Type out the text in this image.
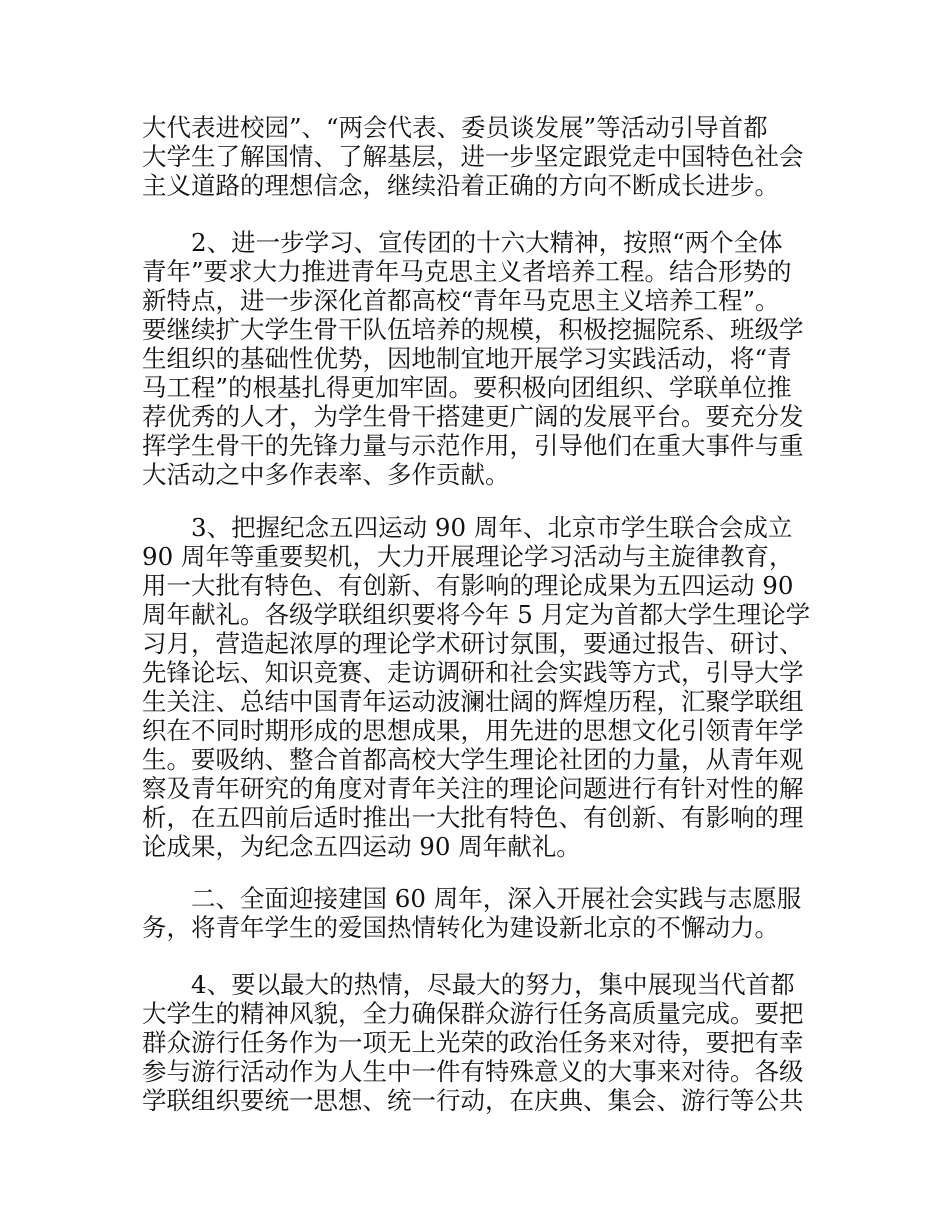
大代表进校园”、“两会代表、委员谈发展”等活动引导首都
大学生了解国情、了解基层，进一步坚定跟党走中国特色社会
主义道路的理想信念，继续沿着正确的方向不断成长进步。
2、进一步学习、宣传团的十六大精神，按照“两个全体
青年”要求大力推进青年马克思主义者培养工程。结合形势的
新特点，进一步深化首都高校“青年马克思主义培养工程”。
要继续扩大学生骨干队伍培养的规模，积极挖掘院系、班级学
生组织的基础性优势，因地制宜地开展学习实践活动，将“青
马工程”的根基扎得更加牢固。要积极向团组织、学联单位推
荐优秀的人才，为学生骨干搭建更广阔的发展平台。要充分发
挥学生骨干的先锋力量与示范作用，引导他们在重大事件与重
大活动之中多作表率、多作贡献。
3、把握纪念五四运动 90 周年、北京市学生联合会成立
90 周年等重要契机，大力开展理论学习活动与主旋律教育，
用一大批有特色、有创新、有影响的理论成果为五四运动 90
周年献礼。各级学联组织要将今年 5 月定为首都大学生理论学
习月，营造起浓厚的理论学术研讨氛围，要通过报告、研讨、
先锋论坛、知识竞赛、走访调研和社会实践等方式，引导大学
生关注、总结中国青年运动波澜壮阔的辉煌历程，汇聚学联组
织在不同时期形成的思想成果，用先进的思想文化引领青年学
生。要吸纳、整合首都高校大学生理论社团的力量，从青年观
察及青年研究的角度对青年关注的理论问题进行有针对性的解
析，在五四前后适时推出一大批有特色、有创新、有影响的理
论成果，为纪念五四运动 90 周年献礼。
二、全面迎接建国 60 周年，深入开展社会实践与志愿服
务，将青年学生的爱国热情转化为建设新北京的不懈动力。
4、要以最大的热情，尽最大的努力，集中展现当代首都
大学生的精神风貌，全力确保群众游行任务高质量完成。要把
群众游行任务作为一项无上光荣的政治任务来对待，要把有幸
参与游行活动作为人生中一件有特殊意义的大事来对待。各级
学联组织要统一思想、统一行动，在庆典、集会、游行等公共
